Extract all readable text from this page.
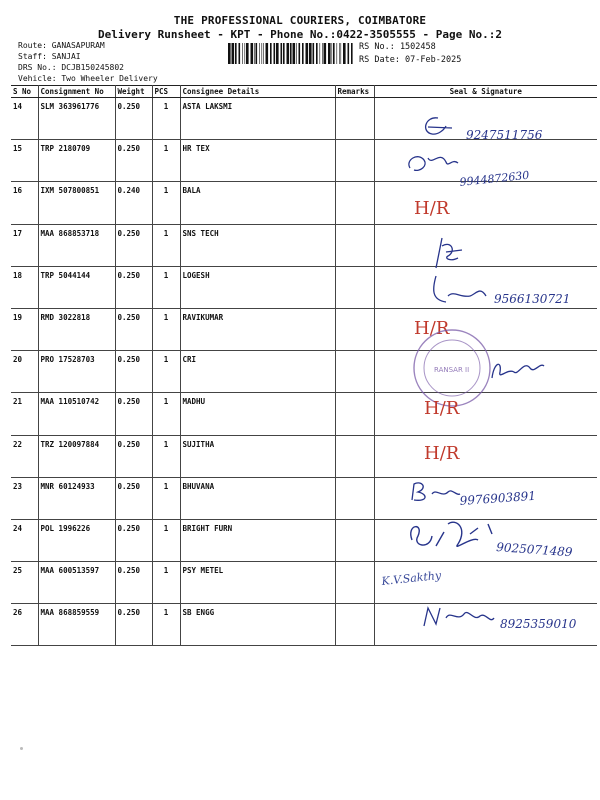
THE PROFESSIONAL COURIERS, COIMBATORE
Delivery Runsheet - KPT - Phone No.:0422-3505555 - Page No.:2
Route: GANASAPURAM
Staff: SANJAI
DRS No.: DCJB150245802
Vehicle: Two Wheeler Delivery
RS No.: 1502458
RS Date: 07-Feb-2025
S No	Consignment No	Weight	PCS	Consignee Details	Remarks	Seal & Signature
14	SLM 363961776	0.250	1	ASTA LAKSMI		
15	TRP 2180709	0.250	1	HR TEX		
16	IXM 507800851	0.240	1	BALA		
17	MAA 868853718	0.250	1	SNS TECH		
18	TRP 5044144	0.250	1	LOGESH		
19	RMD 3022818	0.250	1	RAVIKUMAR		
20	PRO 17528703	0.250	1	CRI		
21	MAA 110510742	0.250	1	MADHU		
22	TRZ 120097884	0.250	1	SUJITHA		
23	MNR 60124933	0.250	1	BHUVANA		
24	POL 1996226	0.250	1	BRIGHT FURN		
25	MAA 600513597	0.250	1	PSY METEL		
26	MAA 868859559	0.250	1	SB ENGG		
9247511756
9944872630
H/R
9566130721
H/R
RANSAR II
H/R
H/R
9976903891
9025071489
K.V.Sakthy
8925359010
